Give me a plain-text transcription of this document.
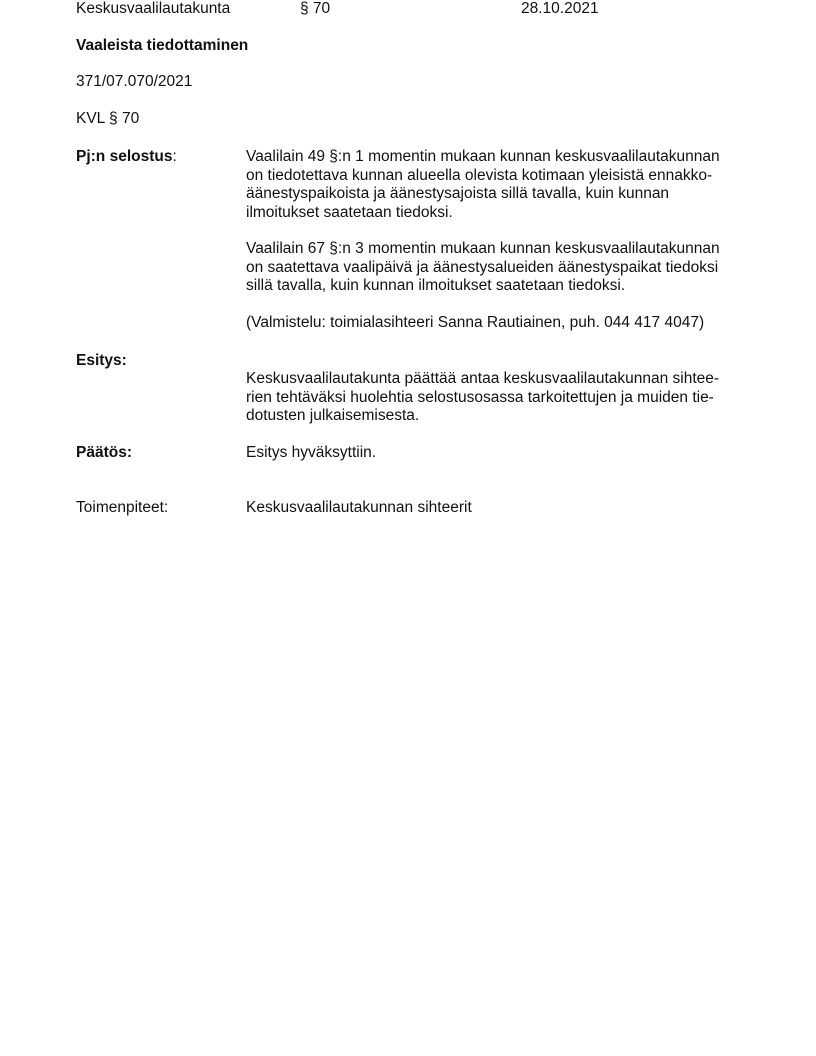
Keskusvaalilautakunta	§ 70	28.10.2021
Vaaleista tiedottaminen
371/07.070/2021
KVL § 70
Pj:n selostus:	Vaalilain 49 §:n 1 momentin mukaan kunnan keskusvaalilautakunnan
on tiedotettava kunnan alueella olevista kotimaan yleisistä ennakko-
äänestyspaikoista ja äänestysajoista sillä tavalla, kuin kunnan
ilmoitukset saatetaan tiedoksi.
Vaalilain 67 §:n 3 momentin mukaan kunnan keskusvaalilautakunnan
on saatettava vaalipäivä ja äänestysalueiden äänestyspaikat tiedoksi
sillä tavalla, kuin kunnan ilmoitukset saatetaan tiedoksi.
(Valmistelu: toimialasihteeri Sanna Rautiainen, puh. 044 417 4047)
Esitys:
Keskusvaalilautakunta päättää antaa keskusvaalilautakunnan sihtee-
rien tehtäväksi huolehtia selostusosassa tarkoitettujen ja muiden tie-
dotusten julkaisemisesta.
Päätös:	Esitys hyväksyttiin.
Toimenpiteet:	Keskusvaalilautakunnan sihteerit
